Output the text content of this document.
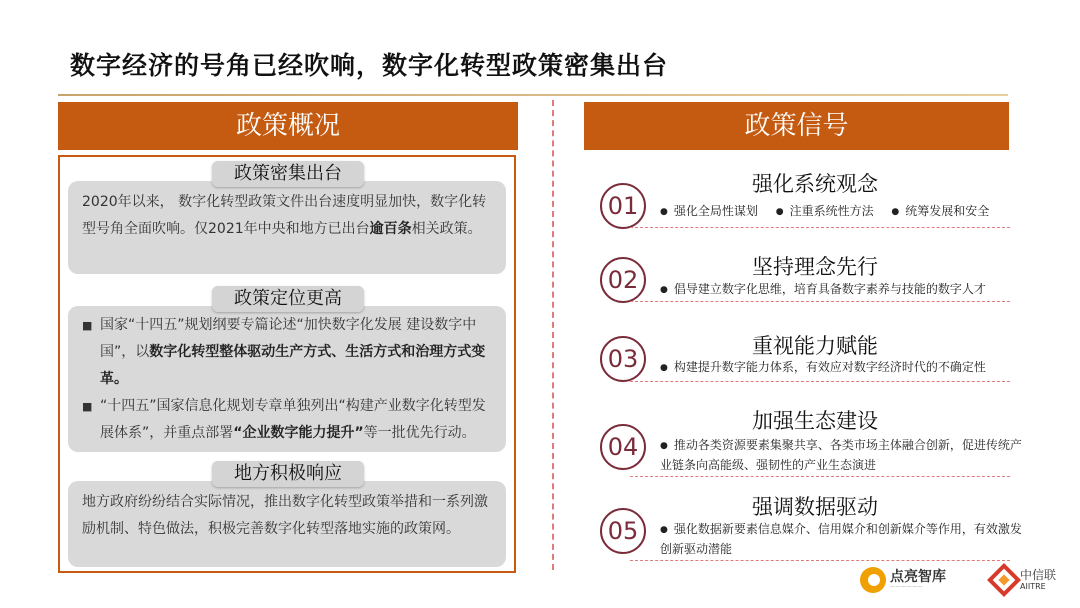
数字经济的号角已经吹响，数字化转型政策密集出台
政策概况
2020年以来， 数字化转型政策文件出台速度明显加快，数字化转型号角全面吹响。仅2021年中央和地方已出台逾百条相关政策。
政策密集出台
■ 国家“十四五”规划纲要专篇论述“加快数字化发展 建设数字中国”，以数字化转型整体驱动生产方式、生活方式和治理方式变革。
■ “十四五”国家信息化规划专章单独列出“构建产业数字化转型发展体系”，并重点部署“企业数字能力提升”等一批优先行动。
政策定位更高
地方政府纷纷结合实际情况，推出数字化转型政策举措和一系列激励机制、特色做法，积极完善数字化转型落地实施的政策网。
地方积极响应
政策信号
01
强化系统观念
● 强化全局性谋划 ● 注重系统性方法 ● 统筹发展和安全
02	坚持理念先行
● 倡导建立数字化思维，培育具备数字素养与技能的数字人才
03	重视能力赋能
● 构建提升数字能力体系，有效应对数字经济时代的不确定性
04
加强生态建设
● 推动各类资源要素集聚共享、各类市场主体融合创新，促进传统产业链条向高能级、强韧性的产业生态演进
05
强调数据驱动
● 强化数据新要素信息媒介、信用媒介和创新媒介等作用，有效激发创新驱动潜能
点亮智库
——————
中信联
AIITRE
